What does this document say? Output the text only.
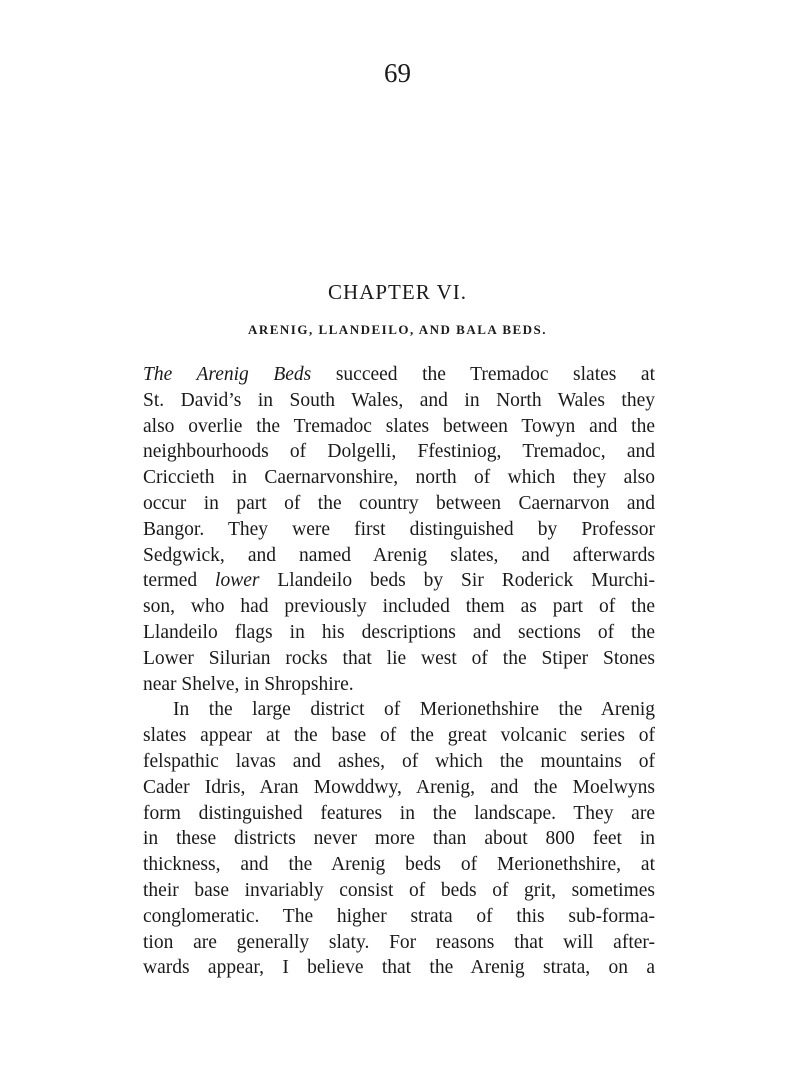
69
CHAPTER VI.
ARENIG, LLANDEILO, AND BALA BEDS.
The Arenig Beds succeed the Tremadoc slates at
St. David’s in South Wales, and in North Wales they
also overlie the Tremadoc slates between Towyn and the
neighbourhoods of Dolgelli, Ffestiniog, Tremadoc, and
Criccieth in Caernarvonshire, north of which they also
occur in part of the country between Caernarvon and
Bangor. They were first distinguished by Professor
Sedgwick, and named Arenig slates, and afterwards
termed lower Llandeilo beds by Sir Roderick Murchi-
son, who had previously included them as part of the
Llandeilo flags in his descriptions and sections of the
Lower Silurian rocks that lie west of the Stiper Stones
near Shelve, in Shropshire.
In the large district of Merionethshire the Arenig
slates appear at the base of the great volcanic series of
felspathic lavas and ashes, of which the mountains of
Cader Idris, Aran Mowddwy, Arenig, and the Moelwyns
form distinguished features in the landscape. They are
in these districts never more than about 800 feet in
thickness, and the Arenig beds of Merionethshire, at
their base invariably consist of beds of grit, sometimes
conglomeratic. The higher strata of this sub-forma-
tion are generally slaty. For reasons that will after-
wards appear, I believe that the Arenig strata, on a
